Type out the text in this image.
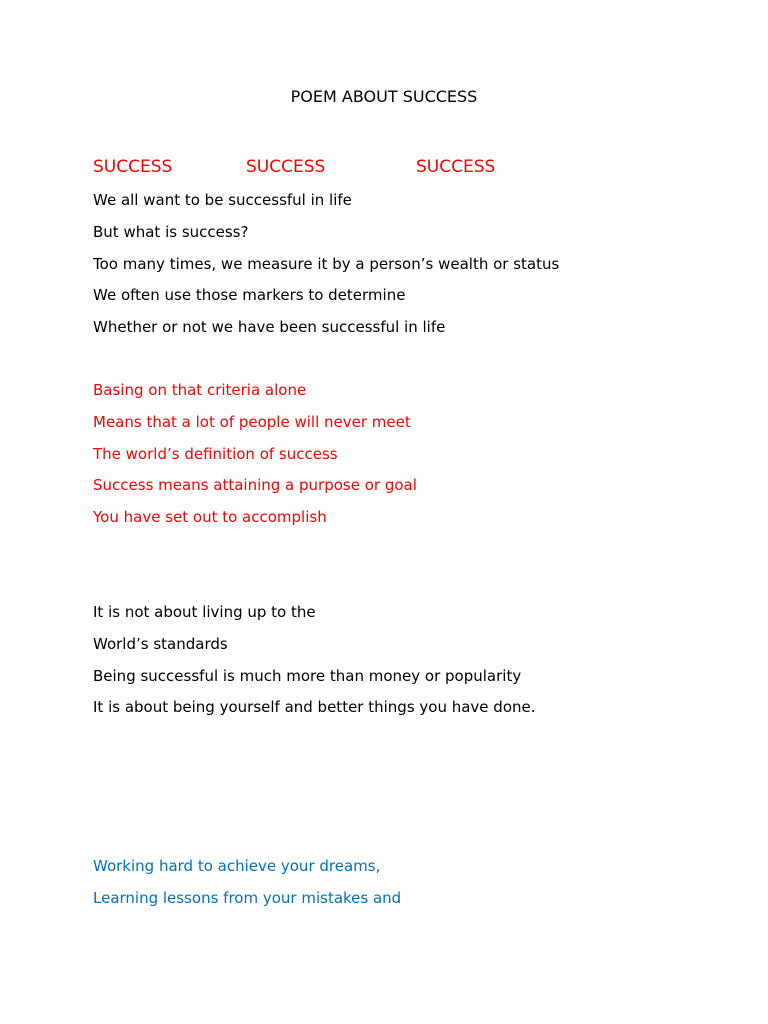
POEM ABOUT SUCCESS
SUCCESS	SUCCESS	SUCCESS
We all want to be successful in life
But what is success?
Too many times, we measure it by a person’s wealth or status
We often use those markers to determine
Whether or not we have been successful in life
Basing on that criteria alone
Means that a lot of people will never meet
The world’s definition of success
Success means attaining a purpose or goal
You have set out to accomplish
It is not about living up to the
World’s standards
Being successful is much more than money or popularity
It is about being yourself and better things you have done.
Working hard to achieve your dreams,
Learning lessons from your mistakes and
